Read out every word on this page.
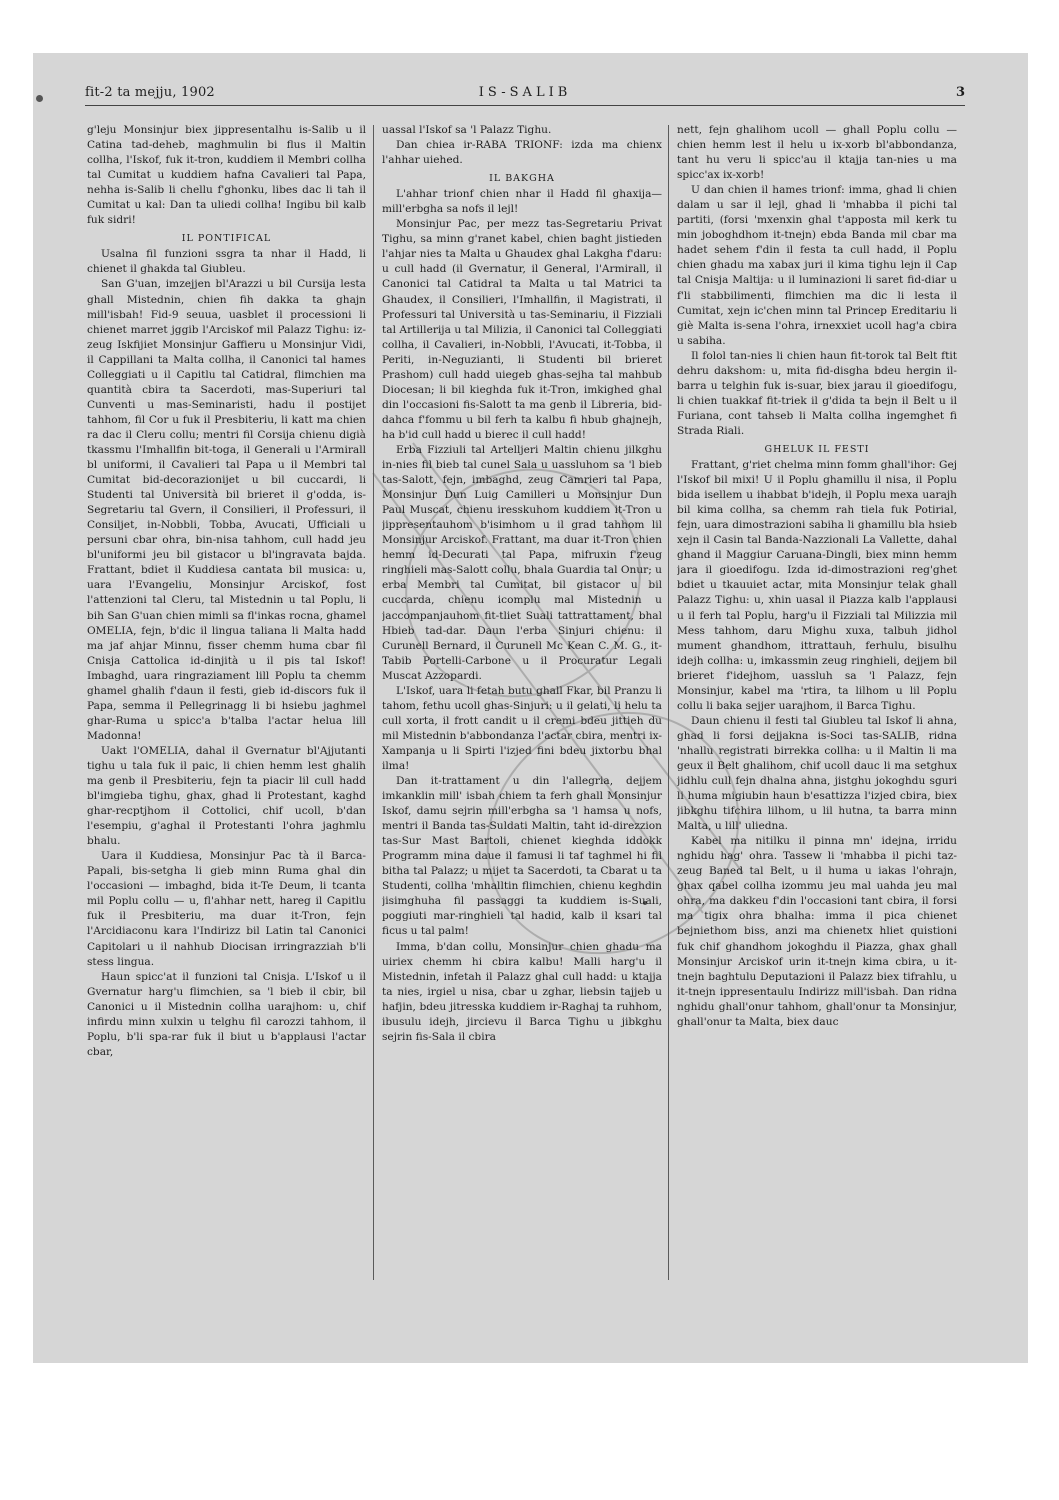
fit-2 ta mejju, 1902	IS-SALIB	3

g'leju Monsinjur biex jippresentalhu is-Salib u il Catina tad-deheb, maghmulin bi flus il Maltin collha, l'Iskof, fuk it-tron, kuddiem il Membri collha tal Cumitat u kuddiem hafna Cavalieri tal Papa, nehha is-Salib li chellu f'ghonku, libes dac li tah il Cumitat u kal: Dan ta uliedi collha! Ingibu bil kalb fuk sidri!

IL PONTIFICAL

Usalna fil funzioni ssgra ta nhar il Hadd, li chienet il ghakda tal Giubleu.

San G'uan, imzejjen bl'Arazzi u bil Cursija lesta ghall Mistednin, chien fih dakka ta ghajn mill'isbah! Fid-9 seuua, uasblet il processioni li chienet marret jggib l'Arciskof mil Palazz Tighu: iz-zeug Iskfijiet Monsinjur Gaffieru u Monsinjur Vidi, il Cappillani ta Malta collha, il Canonici tal hames Colleggiati u il Capitlu tal Catidral, flimchien ma quantità cbira ta Sacerdoti, mas-Superiuri tal Cunventi u mas-Seminaristi, hadu il postijet tahhom, fil Cor u fuk il Presbiteriu, li katt ma chien ra dac il Cleru collu; mentri fil Corsija chienu digià tkassmu l'Imhallfin bit-toga, il Generali u l'Armirall bl uniformi, il Cavalieri tal Papa u il Membri tal Cumitat bid-decorazionijet u bil cuccardi, li Studenti tal Università bil brieret il g'odda, is-Segretariu tal Gvern, il Consilieri, il Professuri, il Consiljet, in-Nobbli, Tobba, Avucati, Ufficiali u persuni cbar ohra, bin-nisa tahhom, cull hadd jeu bl'uniformi jeu bil gistacor u bl'ingravata bajda. Frattant, bdiet il Kuddiesa cantata bil musica: u, uara l'Evangeliu, Monsinjur Arciskof, fost l'attenzioni tal Cleru, tal Mistednin u tal Poplu, li bih San G'uan chien mimli sa fl'inkas rocna, ghamel OMELIA, fejn, b'dic il lingua taliana li Malta hadd ma jaf ahjar Minnu, fisser chemm huma cbar fil Cnisja Cattolica id-dinjità u il pis tal Iskof! Imbaghd, uara ringraziament lill Poplu ta chemm ghamel ghalih f'daun il festi, gieb id-discors fuk il Papa, semma il Pellegrinagg li bi hsiebu jaghmel ghar-Ruma u spicc'a b'talba l'actar helua lill Madonna!

Uakt l'OMELIA, dahal il Gvernatur bl'Ajjutanti tighu u tala fuk il paic, li chien hemm lest ghalih ma genb il Presbiteriu, fejn ta piacir lil cull hadd bl'imgieba tighu, ghax, ghad li Protestant, kaghd ghar-recptjhom il Cottolici, chif ucoll, b'dan l'esempiu, g'aghal il Protestanti l'ohra jaghmlu bhalu.

Uara il Kuddiesa, Monsinjur Pac tà il Barca-Papali, bis-setgha li gieb minn Ruma ghal din l'occasioni — imbaghd, bida it-Te Deum, li tcanta mil Poplu collu — u, fl'ahhar nett, hareg il Capitlu fuk il Presbiteriu, ma duar it-Tron, fejn l'Arcidiaconu kara l'Indirizz bil Latin tal Canonici Capitolari u il nahhub Diocisan irringrazziah b'li stess lingua.

Haun spicc'at il funzioni tal Cnisja. L'Iskof u il Gvernatur harg'u flimchien, sa 'l bieb il cbir, bil Canonici u il Mistednin collha uarajhom: u, chif infirdu minn xulxin u telghu fil carozzi tahhom, il Poplu, b'li spa-rar fuk il biut u b'applausi l'actar cbar,

uassal l'Iskof sa 'l Palazz Tighu.

Dan chiea ir-RABA TRIONF: izda ma chienx l'ahhar uiehed.

IL BAKGHA

L'ahhar trionf chien nhar il Hadd fil ghaxija— mill'erbgha sa nofs il lejl!

Monsinjur Pac, per mezz tas-Segretariu Privat Tighu, sa minn g'ranet kabel, chien baght jistieden l'ahjar nies ta Malta u Ghaudex ghal Lakgha f'daru: u cull hadd (il Gvernatur, il General, l'Armirall, il Canonici tal Catidral ta Malta u tal Matrici ta Ghaudex, il Consilieri, l'Imhallfin, il Magistrati, il Professuri tal Università u tas-Seminariu, il Fizziali tal Artillerija u tal Milizia, il Canonici tal Colleggiati collha, il Cavalieri, in-Nobbli, l'Avucati, it-Tobba, il Periti, in-Neguzianti, li Studenti bil brieret Prashom) cull hadd uiegeb ghas-sejha tal mahbub Diocesan; li bil kieghda fuk it-Tron, imkighed ghal din l'occasioni fis-Salott ta ma genb il Libreria, bid-dahca f'fommu u bil ferh ta kalbu fi hbub ghajnejh, ha b'id cull hadd u bierec il cull hadd!

Erba Fizziuli tal Artelljeri Maltin chienu jilkghu in-nies fil bieb tal cunel Sala u uassluhom sa 'l bieb tas-Salott, fejn, imbaghd, zeug Camrieri tal Papa, Monsinjur Dun Luig Camilleri u Monsinjur Dun Paul Muscat, chienu iresskuhom kuddiem it-Tron u jippresentauhom b'isimhom u il grad tahhom lil Monsinjur Arciskof. Frattant, ma duar it-Tron chien hemm id-Decurati tal Papa, mifruxin f'zeug ringhieli mas-Salott collu, bhala Guardia tal Onur; u erba Membri tal Cumitat, bil gistacor u bil cuccarda, chienu icomplu mal Mistednin u jaccompanjauhom fit-tliet Suali tattrattament, bhal Hbieb tad-dar. Daun l'erba Sinjuri chienu: il Curunell Bernard, il Curunell Mc Kean C. M. G., it-Tabib Portelli-Carbone u il Procuratur Legali Muscat Azzopardi.

L'Iskof, uara li fetah butu ghall Fkar, bil Pranzu li tahom, fethu ucoll ghas-Sinjuri: u il gelati, li helu ta cull xorta, il frott candit u il cremi bdeu jittieh du mil Mistednin b'abbondanza l'actar cbira, mentri ix-Xampanja u li Spirti l'izjed fini bdeu jixtorbu bhal ilma!

Dan it-trattament u din l'allegria, dejjem imkanklin mill' isbah chiem ta ferh ghall Monsinjur Iskof, damu sejrin mill'erbgha sa 'l hamsa u nofs, mentri il Banda tas-Suldati Maltin, taht id-direzzion tas-Sur Mast Bartoli, chienet kieghda iddokk Programm mina daue il famusi li taf taghmel hi fil bitha tal Palazz; u mijet ta Sacerdoti, ta Cbarat u ta Studenti, collha 'mhalltin flimchien, chienu keghdin jisimghuha fil passaggi ta kuddiem is-Suali, poggiuti mar-ringhieli tal hadid, kalb il ksari tal ficus u tal palm!

Imma, b'dan collu, Monsinjur chien ghadu ma uiriex chemm hi cbira kalbu! Malli harg'u il Mistednin, infetah il Palazz ghal cull hadd: u ktajja ta nies, irgiel u nisa, cbar u zghar, liebsin tajjeb u hafjin, bdeu jitresska kuddiem ir-Raghaj ta ruhhom, ibusulu idejh, jircievu il Barca Tighu u jibkghu sejrin fis-Sala il cbira

nett, fejn ghalihom ucoll — ghall Poplu collu — chien hemm lest il helu u ix-xorb bl'abbondanza, tant hu veru li spicc'au il ktajja tan-nies u ma spicc'ax ix-xorb!

U dan chien il hames trionf: imma, ghad li chien dalam u sar il lejl, ghad li 'mhabba il pichi tal partiti, (forsi 'mxenxin ghal t'apposta mil kerk tu min joboghdhom it-tnejn) ebda Banda mil cbar ma hadet sehem f'din il festa ta cull hadd, il Poplu chien ghadu ma xabax juri il kima tighu lejn il Cap tal Cnisja Maltija: u il luminazioni li saret fid-diar u f'li stabbilimenti, flimchien ma dic li lesta il Cumitat, xejn ic'chen minn tal Princep Ereditariu li giè Malta is-sena l'ohra, irnexxiet ucoll hag'a cbira u sabiha.

Il folol tan-nies li chien haun fit-torok tal Belt ftit dehru dakshom: u, mita fid-disgha bdeu hergin il-barra u telghin fuk is-suar, biex jarau il gioedifogu, li chien tuakkaf fit-triek il g'dida ta bejn il Belt u il Furiana, cont tahseb li Malta collha ingemghet fi Strada Riali.

GHELUK IL FESTI

Frattant, g'riet chelma minn fomm ghall'ihor: Gej l'Iskof bil mixi! U il Poplu ghamillu il nisa, il Poplu bida isellem u ihabbat b'idejh, il Poplu mexa uarajh bil kima collha, sa chemm rah tiela fuk Potirial, fejn, uara dimostrazioni sabiha li ghamillu bla hsieb xejn il Casin tal Banda-Nazzionali La Vallette, dahal ghand il Maggiur Caruana-Dingli, biex minn hemm jara il gioedifogu. Izda id-dimostrazioni reg'ghet bdiet u tkauuiet actar, mita Monsinjur telak ghall Palazz Tighu: u, xhin uasal il Piazza kalb l'applausi u il ferh tal Poplu, harg'u il Fizziali tal Milizzia mil Mess tahhom, daru Mighu xuxa, talbuh jidhol mument ghandhom, ittrattauh, ferhulu, bisulhu idejh collha: u, imkassmin zeug ringhieli, dejjem bil brieret f'idejhom, uassluh sa 'l Palazz, fejn Monsinjur, kabel ma 'rtira, ta lilhom u lil Poplu collu li baka sejjer uarajhom, il Barca Tighu.

Daun chienu il festi tal Giubleu tal Iskof li ahna, ghad li forsi dejjakna is-Soci tas-SALIB, ridna 'nhallu registrati birrekka collha: u il Maltin li ma geux il Belt ghalihom, chif ucoll dauc li ma setghux jidhlu cull fejn dhalna ahna, jistghu jokoghdu sguri li huma migiubin haun b'esattizza l'izjed cbira, biex jibkghu tifchira lilhom, u lil hutna, ta barra minn Malta, u lill' uliedna.

Kabel ma nitilku il pinna mn' idejna, irridu nghidu hag' ohra. Tassew li 'mhabba il pichi taz-zeug Baned tal Belt, u il huma u iakas l'ohrajn, ghax qabel collha izommu jeu mal uahda jeu mal ohra, ma dakkeu f'din l'occasioni tant cbira, il forsi ma tigix ohra bhalha: imma il pica chienet bejniethom biss, anzi ma chienetx hliet quistioni fuk chif ghandhom jokoghdu il Piazza, ghax ghall Monsinjur Arciskof urin it-tnejn kima cbira, u it-tnejn baghtulu Deputazioni il Palazz biex tifrahlu, u it-tnejn ippresentaulu Indirizz mill'isbah. Dan ridna nghidu ghall'onur tahhom, ghall'onur ta Monsinjur, ghall'onur ta Malta, biex dauc
